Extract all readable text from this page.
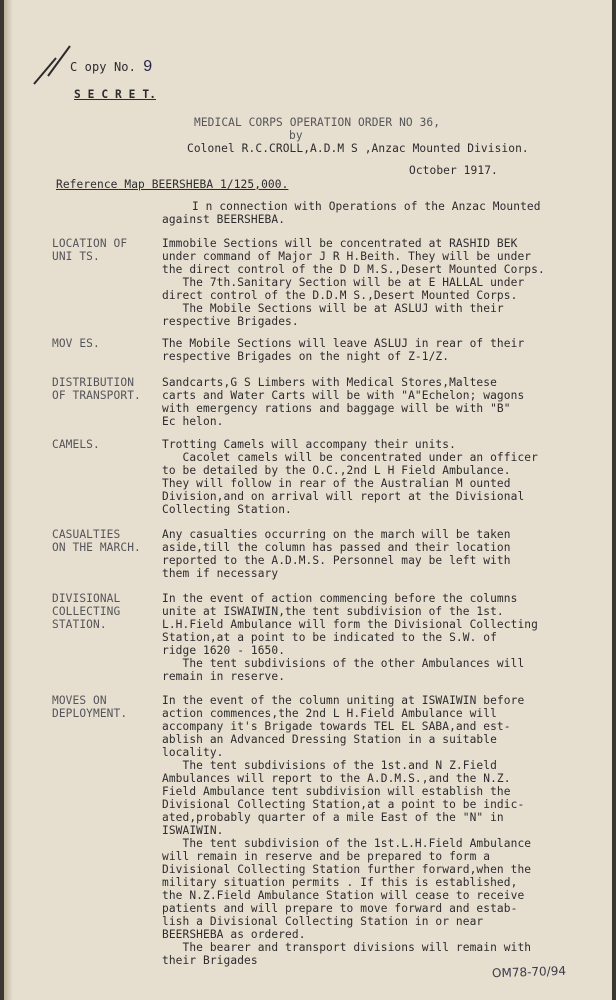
C opy No. 9
S E C R E T.
MEDICAL CORPS OPERATION ORDER NO 36,
by
Colonel R.C.CROLL,A.D.M S ,Anzac Mounted Division.
October 1917.
Reference Map BEERSHEBA 1/125,000.
I n connection with Operations of the Anzac Mounted
against BEERSHEBA.
LOCATION OF
UNI TS.
Immobile Sections will be concentrated at RASHID BEK
under command of Major J R H.Beith. They will be under
the direct control of the D D M.S.,Desert Mounted Corps.
The 7th.Sanitary Section will be at E HALLAL under
direct control of the D.D.M S.,Desert Mounted Corps.
The Mobile Sections will be at ASLUJ with their
respective Brigades.
MOV ES.	The Mobile Sections will leave ASLUJ in rear of their
respective Brigades on the night of Z-1/Z.
DISTRIBUTION
OF TRANSPORT.
Sandcarts,G S Limbers with Medical Stores,Maltese
carts and Water Carts will be with "A"Echelon; wagons
with emergency rations and baggage will be with "B"
Ec helon.
CAMELS.	Trotting Camels will accompany their units.
Cacolet camels will be concentrated under an officer
to be detailed by the O.C.,2nd L H Field Ambulance.
They will follow in rear of the Australian M ounted
Division,and on arrival will report at the Divisional
Collecting Station.
CASUALTIES
ON THE MARCH.
Any casualties occurring on the march will be taken
aside,till the column has passed and their location
reported to the A.D.M.S. Personnel may be left with
them if necessary
DIVISIONAL
COLLECTING
STATION.
In the event of action commencing before the columns
unite at ISWAIWIN,the tent subdivision of the 1st.
L.H.Field Ambulance will form the Divisional Collecting
Station,at a point to be indicated to the S.W. of
ridge 1620 - 1650.
The tent subdivisions of the other Ambulances will
remain in reserve.
MOVES ON
DEPLOYMENT.
In the event of the column uniting at ISWAIWIN before
action commences,the 2nd L H.Field Ambulance will
accompany it's Brigade towards TEL EL SABA,and est-
ablish an Advanced Dressing Station in a suitable
locality.
The tent subdivisions of the 1st.and N Z.Field
Ambulances will report to the A.D.M.S.,and the N.Z.
Field Ambulance tent subdivision will establish the
Divisional Collecting Station,at a point to be indic-
ated,probably quarter of a mile East of the "N" in
ISWAIWIN.
The tent subdivision of the 1st.L.H.Field Ambulance
will remain in reserve and be prepared to form a
Divisional Collecting Station further forward,when the
military situation permits . If this is established,
the N.Z.Field Ambulance Station will cease to receive
patients and will prepare to move forward and estab-
lish a Divisional Collecting Station in or near
BEERSHEBA as ordered.
The bearer and transport divisions will remain with
their Brigades
OM78-70/94
